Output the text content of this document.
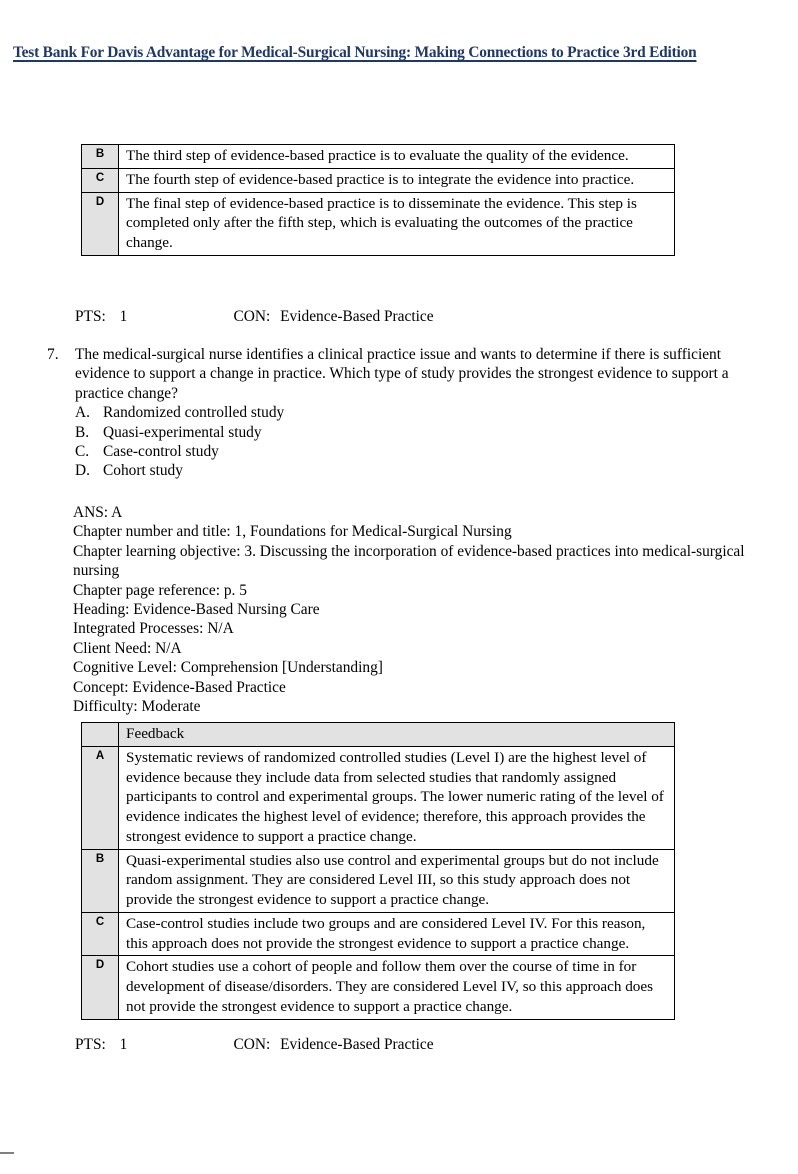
Test Bank For Davis Advantage for Medical-Surgical Nursing: Making Connections to Practice 3rd Edition
B	The third step of evidence-based practice is to evaluate the quality of the evidence.
C	The fourth step of evidence-based practice is to integrate the evidence into practice.
D	The final step of evidence-based practice is to disseminate the evidence. This step is completed only after the fifth step, which is evaluating the outcomes of the practice change.
PTS: 1	CON: Evidence-Based Practice
7. The medical-surgical nurse identifies a clinical practice issue and wants to determine if there is sufficient evidence to support a change in practice. Which type of study provides the strongest evidence to support a practice change?
A. Randomized controlled study
B. Quasi-experimental study
C. Case-control study
D. Cohort study
ANS: A
Chapter number and title: 1, Foundations for Medical-Surgical Nursing
Chapter learning objective: 3. Discussing the incorporation of evidence-based practices into medical-surgical nursing
Chapter page reference: p. 5
Heading: Evidence-Based Nursing Care
Integrated Processes: N/A
Client Need: N/A
Cognitive Level: Comprehension [Understanding]
Concept: Evidence-Based Practice
Difficulty: Moderate
	Feedback
A	Systematic reviews of randomized controlled studies (Level I) are the highest level of evidence because they include data from selected studies that randomly assigned participants to control and experimental groups. The lower numeric rating of the level of evidence indicates the highest level of evidence; therefore, this approach provides the strongest evidence to support a practice change.
B	Quasi-experimental studies also use control and experimental groups but do not include random assignment. They are considered Level III, so this study approach does not provide the strongest evidence to support a practice change.
C	Case-control studies include two groups and are considered Level IV. For this reason, this approach does not provide the strongest evidence to support a practice change.
D	Cohort studies use a cohort of people and follow them over the course of time in for development of disease/disorders. They are considered Level IV, so this approach does not provide the strongest evidence to support a practice change.
PTS: 1	CON: Evidence-Based Practice
